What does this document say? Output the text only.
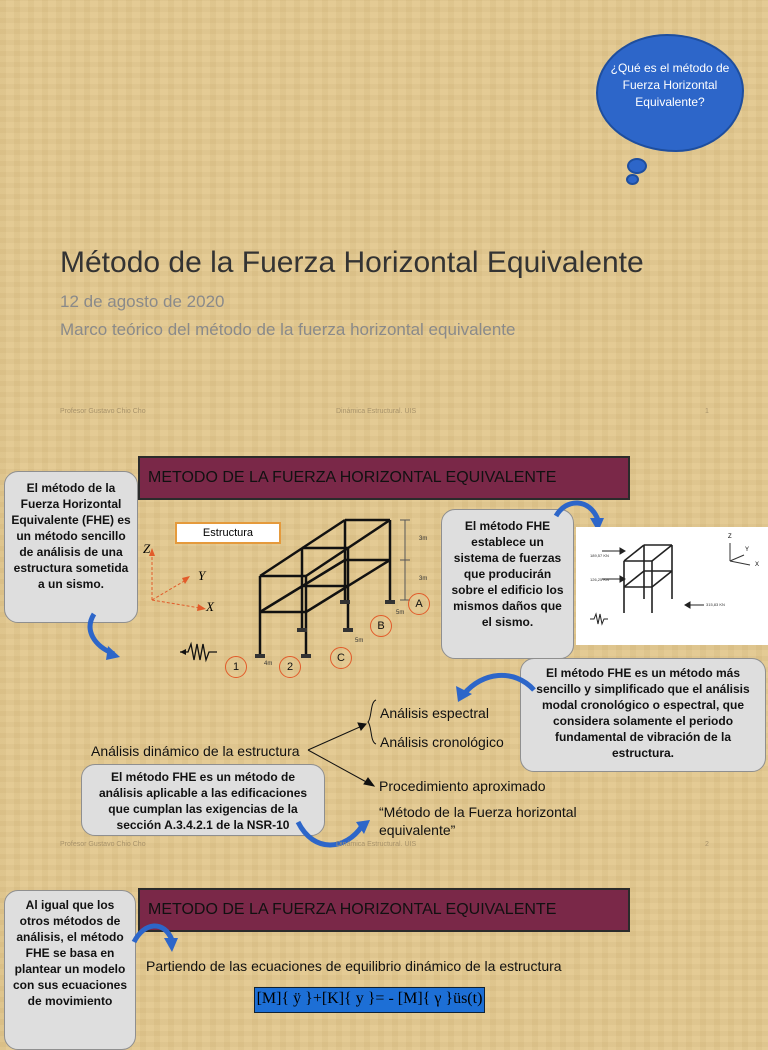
¿Qué es el método de Fuerza Horizontal Equivalente?
Método de la Fuerza Horizontal Equivalente
12 de agosto de 2020
Marco teórico del método de la fuerza horizontal equivalente
Profesor Gustavo Chio Cho	Dinámica Estructural. UIS	1
METODO DE LA FUERZA HORIZONTAL EQUIVALENTE
El método de la Fuerza Horizontal Equivalente (FHE) es un método sencillo de análisis de una estructura sometida a un sismo.
Z
Y
X
Estructura	3m
3m
5m
5m
4m
A
B
C
1	2
El método FHE establece un sistema de fuerzas que producirán sobre el edificio los mismos daños que el sismo.
189,57 KN
126,25 KN
315,83 KN
Z
Y
X
El método FHE es un método más sencillo y simplificado que el análisis modal cronológico o espectral, que considera solamente el periodo fundamental de vibración de la estructura.
Análisis dinámico de la estructura
Análisis espectral
Análisis cronológico
Procedimiento aproximado
“Método de la Fuerza horizontal equivalente”
El método FHE es un método de análisis aplicable a las edificaciones que cumplan las exigencias de la sección A.3.4.2.1 de la NSR-10
Profesor Gustavo Chio Cho	Dinámica Estructural. UIS	2
METODO DE LA FUERZA HORIZONTAL EQUIVALENTE
Al igual que los otros métodos de análisis, el método FHE se basa en plantear un modelo con sus ecuaciones de movimiento
Partiendo de las ecuaciones de equilibrio dinámico de la estructura
[M]{ ÿ }+[K]{ y }= - [M]{ γ }üs(t)
